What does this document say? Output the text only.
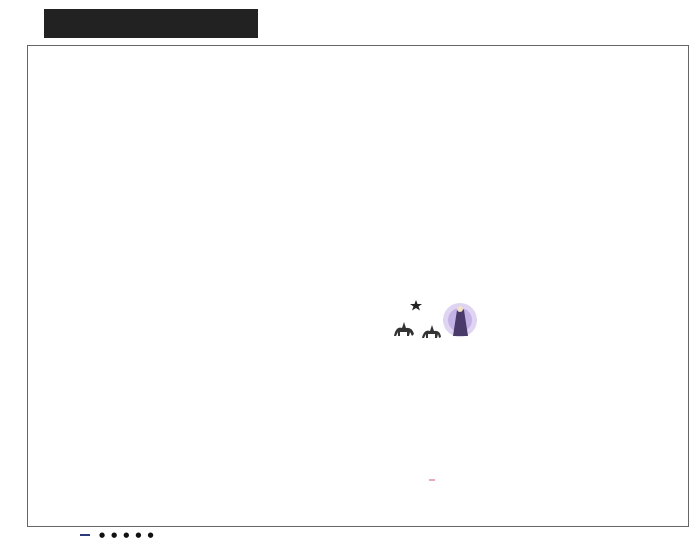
● ● ● ● ●
